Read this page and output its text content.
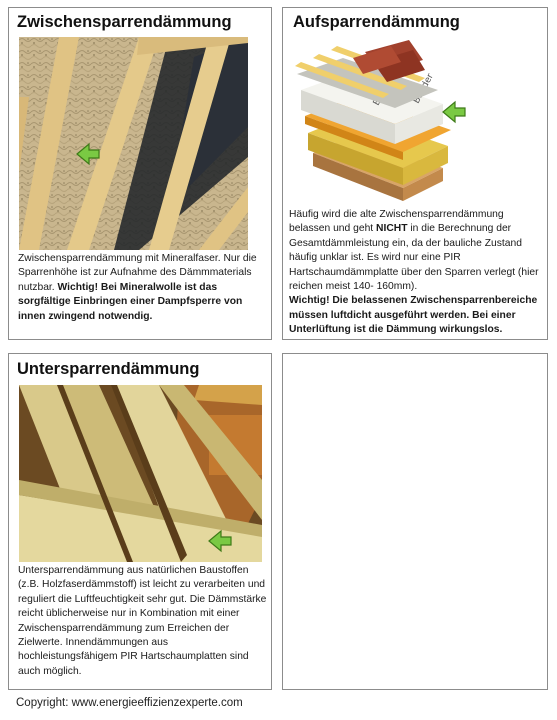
Zwischensparrendämmung
Zwischensparrendämmung mit Mineralfaser. Nur die Sparrenhöhe ist zur Aufnahme des Dämmmaterials nutzbar. Wichtig! Bei Mineralwolle ist das sorgfältige Einbringen einer Dampfsperre von innen zwingend notwendig.
Aufsparrendämmung
Häufig wird die alte Zwischensparrendämmung belassen und geht NICHT in die Berechnung der Gesamtdämmleistung ein, da der bauliche Zustand häufig unklar ist. Es wird nur eine PIR Hartschaumdämmplatte über den Sparren verlegt (hier reichen meist 140- 160mm).
Wichtig! Die belassenen Zwischensparrenbereiche müssen luftdicht ausgeführt werden. Bei einer Unterlüftung ist die Dämmung wirkungslos.
Untersparrendämmung
Untersparrendämmung aus natürlichen Baustoffen (z.B. Holzfaserdämmstoff) ist leicht zu verarbeiten und reguliert die Luftfeuchtigkeit sehr gut. Die Dämmstärke reicht üblicherweise nur in Kombination mit einer Zwischensparrendämmung zum Erreichen der Zielwerte. Innendämmungen aus hochleistungsfähigem PIR Hartschaumplatten sind auch möglich.
Copyright: www.energieeffizienzexperte.com
